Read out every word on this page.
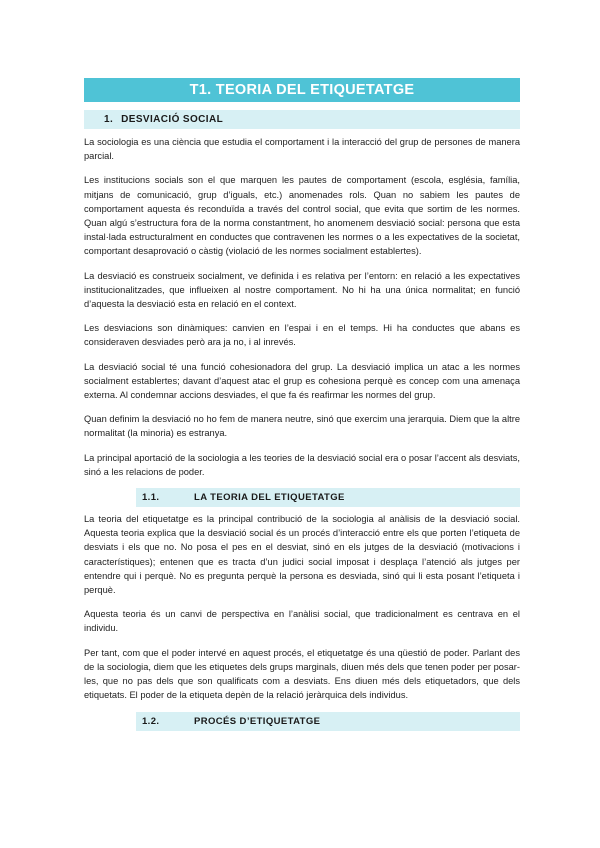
T1. TEORIA DEL ETIQUETATGE
1. DESVIACIÓ SOCIAL

La sociologia es una ciència que estudia el comportament i la interacció del grup de persones de manera parcial.

Les institucions socials son el que marquen les pautes de comportament (escola, església, família, mitjans de comunicació, grup d’iguals, etc.) anomenades rols. Quan no sabiem les pautes de comportament aquesta és reconduïda a través del control social, que evita que sortim de les normes. Quan algú s’estructura fora de la norma constantment, ho anomenem desviació social: persona que esta instal·lada estructuralment en conductes que contravenen les normes o a les expectatives de la societat, comportant desaprovació o càstig (violació de les normes socialment establertes).

La desviació es construeix socialment, ve definida i es relativa per l’entorn: en relació a les expectatives institucionalitzades, que influeixen al nostre comportament. No hi ha una única normalitat; en funció d’aquesta la desviació esta en relació en el context.

Les desviacions son dinàmiques: canvien en l’espai i en el temps. Hi ha conductes que abans es consideraven desviades però ara ja no, i al inrevés.

La desviació social té una funció cohesionadora del grup. La desviació implica un atac a les normes socialment establertes; davant d’aquest atac el grup es cohesiona perquè es concep com una amenaça externa. Al condemnar accions desviades, el que fa és reafirmar les normes del grup.

Quan definim la desviació no ho fem de manera neutre, sinó que exercim una jerarquia. Diem que la altre normalitat (la minoria) es estranya.

La principal aportació de la sociologia a les teories de la desviació social era o posar l’accent als desviats, sinó a les relacions de poder.

1.1.	LA TEORIA DEL ETIQUETATGE

La teoria del etiquetatge es la principal contribució de la sociologia al anàlisis de la desviació social. Aquesta teoria explica que la desviació social és un procés d’interacció entre els que porten l’etiqueta de desviats i els que no. No posa el pes en el desviat, sinó en els jutges de la desviació (motivacions i característiques); entenen que es tracta d’un judici social imposat i desplaça l’atenció als jutges per entendre qui i perquè. No es pregunta perquè la persona es desviada, sinó qui li esta posant l’etiqueta i perquè.

Aquesta teoria és un canvi de perspectiva en l’anàlisi social, que tradicionalment es centrava en el individu.

Per tant, com que el poder intervé en aquest procés, el etiquetatge és una qüestió de poder. Parlant des de la sociologia, diem que les etiquetes dels grups marginals, diuen més dels que tenen poder per posar-les, que no pas dels que son qualificats com a desviats. Ens diuen més dels etiquetadors, que dels etiquetats. El poder de la etiqueta depèn de la relació jeràrquica dels individus.

1.2.	PROCÉS D’ETIQUETATGE
